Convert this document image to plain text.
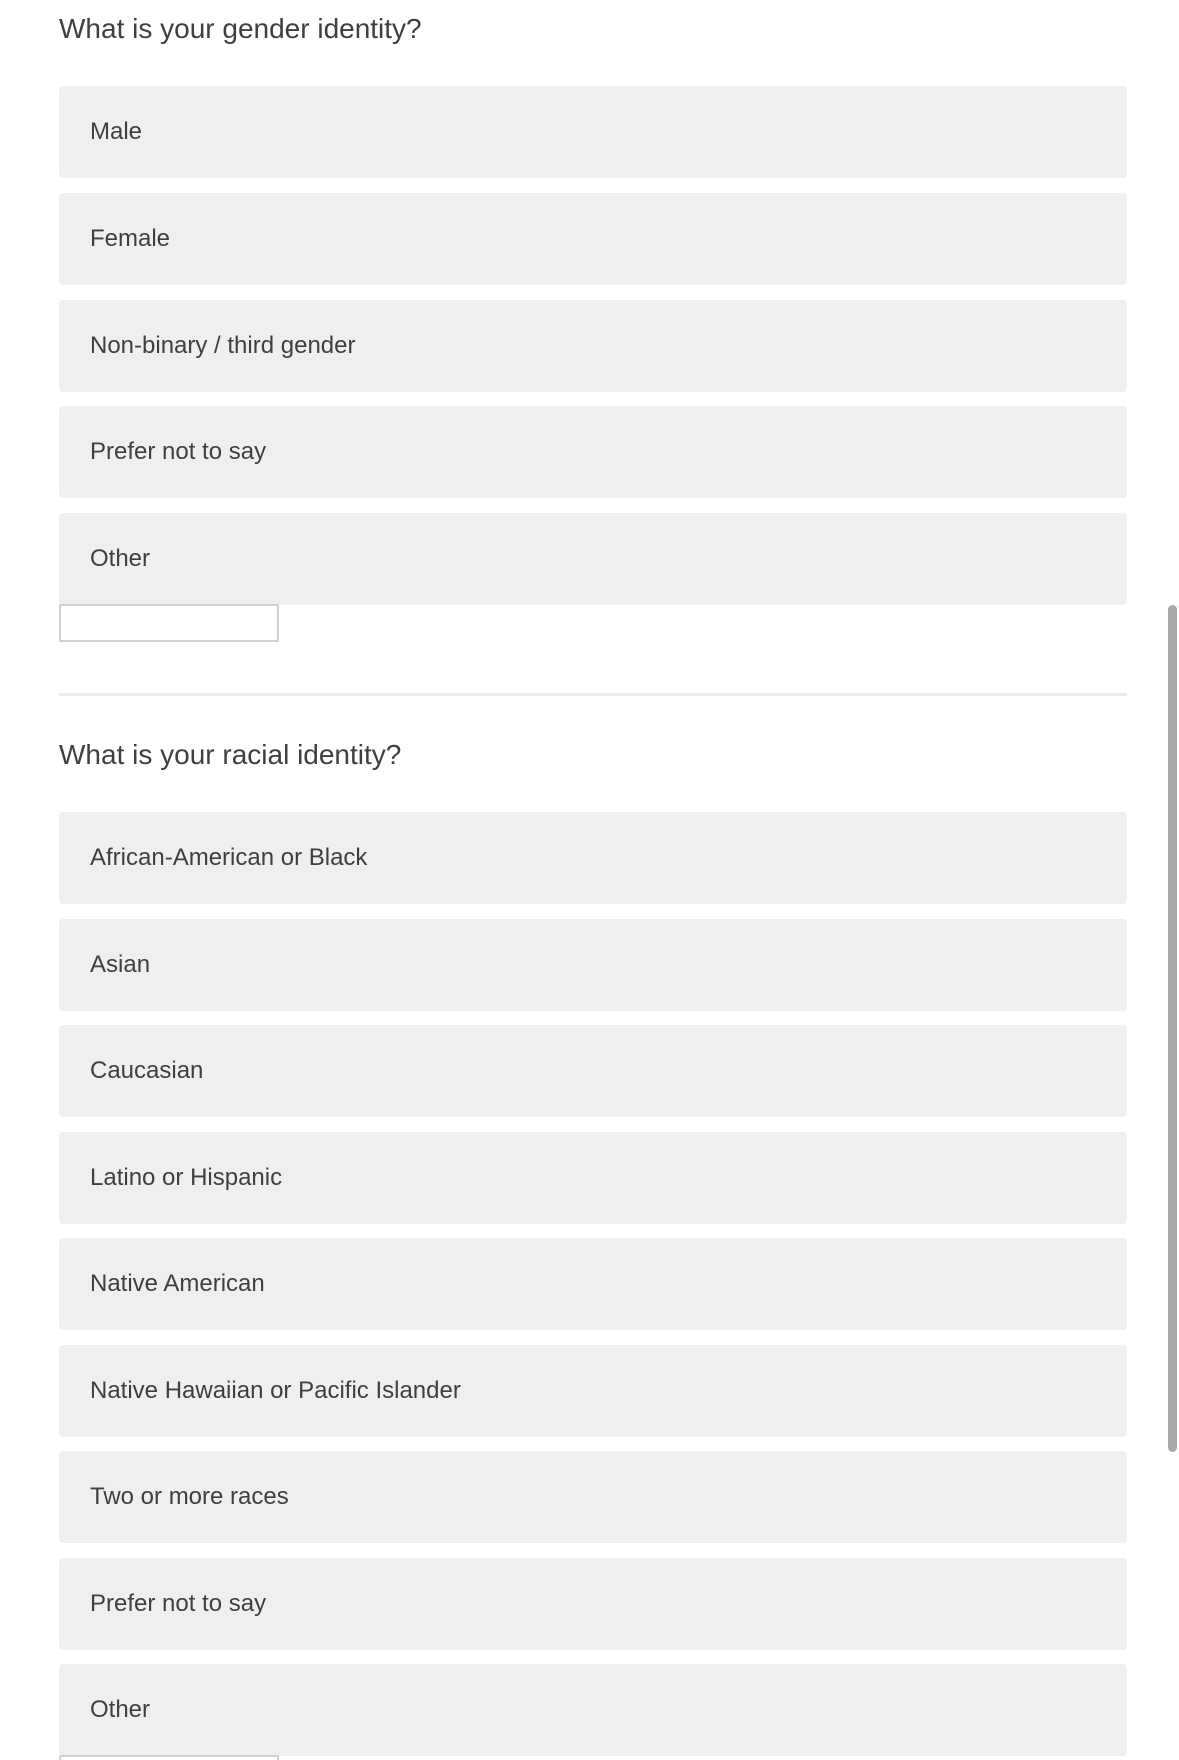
What is your gender identity?
Male
Female
Non-binary / third gender
Prefer not to say
Other
What is your racial identity?
African-American or Black
Asian
Caucasian
Latino or Hispanic
Native American
Native Hawaiian or Pacific Islander
Two or more races
Prefer not to say
Other
